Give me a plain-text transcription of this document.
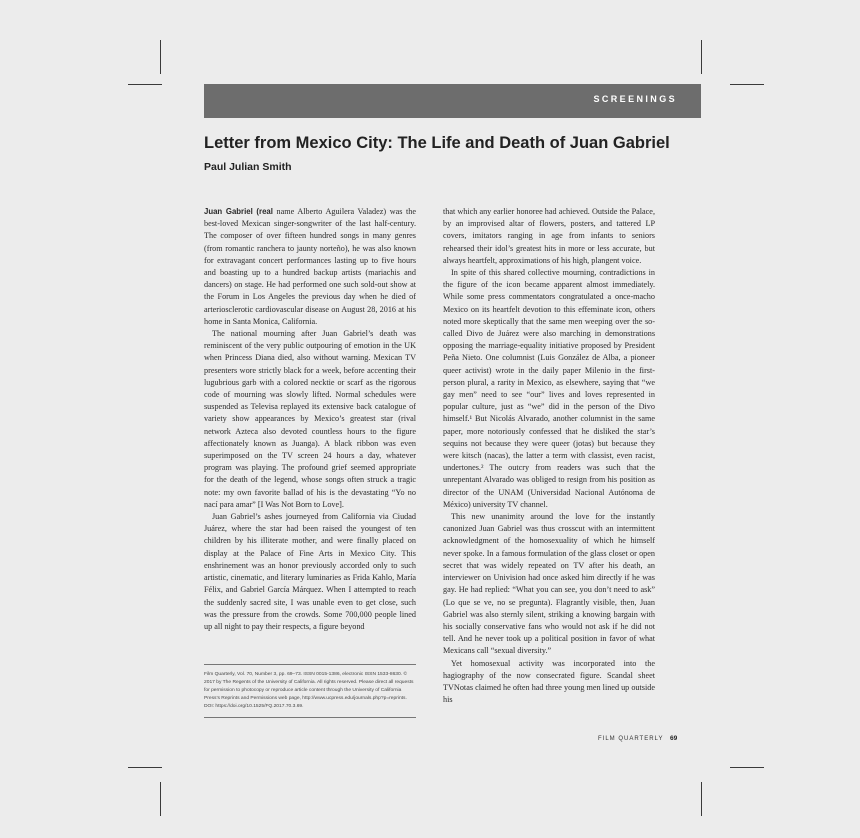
SCREENINGS
Letter from Mexico City: The Life and Death of Juan Gabriel
Paul Julian Smith

Juan Gabriel (real name Alberto Aguilera Valadez) was the best-loved Mexican singer-songwriter of the last half-century. The composer of over fifteen hundred songs in many genres (from romantic ranchera to jaunty norteño), he was also known for extravagant concert performances lasting up to five hours and boasting up to a hundred backup artists (mariachis and dancers) on stage. He had performed one such sold-out show at the Forum in Los Angeles the previous day when he died of arteriosclerotic cardiovascular disease on August 28, 2016 at his home in Santa Monica, California.

The national mourning after Juan Gabriel’s death was reminiscent of the very public outpouring of emotion in the UK when Princess Diana died, also without warning. Mexican TV presenters wore strictly black for a week, before accenting their lugubrious garb with a colored necktie or scarf as the rigorous code of mourning was slowly lifted. Normal schedules were suspended as Televisa replayed its extensive back catalogue of variety show appearances by Mexico’s greatest star (rival network Azteca also devoted countless hours to the figure affectionately known as Juanga). A black ribbon was even superimposed on the TV screen 24 hours a day, whatever program was playing. The profound grief seemed appropriate for the death of the legend, whose songs often struck a tragic note: my own favorite ballad of his is the devastating “Yo no nací para amar” [I Was Not Born to Love].

Juan Gabriel’s ashes journeyed from California via Ciudad Juárez, where the star had been raised the youngest of ten children by his illiterate mother, and were finally placed on display at the Palace of Fine Arts in Mexico City. This enshrinement was an honor previously accorded only to such artistic, cinematic, and literary luminaries as Frida Kahlo, María Félix, and Gabriel García Márquez. When I attempted to reach the suddenly sacred site, I was unable even to get close, such was the pressure from the crowds. Some 700,000 people lined up all night to pay their respects, a figure beyond

that which any earlier honoree had achieved. Outside the Palace, by an improvised altar of flowers, posters, and tattered LP covers, imitators ranging in age from infants to seniors rehearsed their idol’s greatest hits in more or less accurate, but always heartfelt, approximations of his high, plangent voice.

In spite of this shared collective mourning, contradictions in the figure of the icon became apparent almost immediately. While some press commentators congratulated a once-macho Mexico on its heartfelt devotion to this effeminate icon, others noted more skeptically that the same men weeping over the so-called Divo de Juárez were also marching in demonstrations opposing the marriage-equality initiative proposed by President Peña Nieto. One columnist (Luis González de Alba, a pioneer queer activist) wrote in the daily paper Milenio in the first-person plural, a rarity in Mexico, as elsewhere, saying that “we gay men” need to see “our” lives and loves represented in popular culture, just as “we” did in the person of the Divo himself.¹ But Nicolás Alvarado, another columnist in the same paper, more notoriously confessed that he disliked the star’s sequins not because they were queer (jotas) but because they were kitsch (nacas), the latter a term with classist, even racist, undertones.² The outcry from readers was such that the unrepentant Alvarado was obliged to resign from his position as director of the UNAM (Universidad Nacional Autónoma de México) university TV channel.

This new unanimity around the love for the instantly canonized Juan Gabriel was thus crosscut with an intermittent acknowledgment of the homosexuality of which he himself never spoke. In a famous formulation of the glass closet or open secret that was widely repeated on TV after his death, an interviewer on Univision had once asked him directly if he was gay. He had replied: “What you can see, you don’t need to ask” (Lo que se ve, no se pregunta). Flagrantly visible, then, Juan Gabriel was also sternly silent, striking a knowing bargain with his socially conservative fans who would not ask if he did not tell. And he never took up a political position in favor of what Mexicans call “sexual diversity.”

Yet homosexual activity was incorporated into the hagiography of the now consecrated figure. Scandal sheet TVNotas claimed he often had three young men lined up outside his

Film Quarterly, Vol. 70, Number 3, pp. 69–73. ISSN 0015-1386, electronic ISSN 1533-8630. © 2017 by The Regents of the University of California. All rights reserved. Please direct all requests for permission to photocopy or reproduce article content through the University of California Press’s Reprints and Permissions web page, http://www.ucpress.edu/journals.php?p=reprints. DOI: https://doi.org/10.1525/FQ.2017.70.3.69.
FILM QUARTERLY 69
